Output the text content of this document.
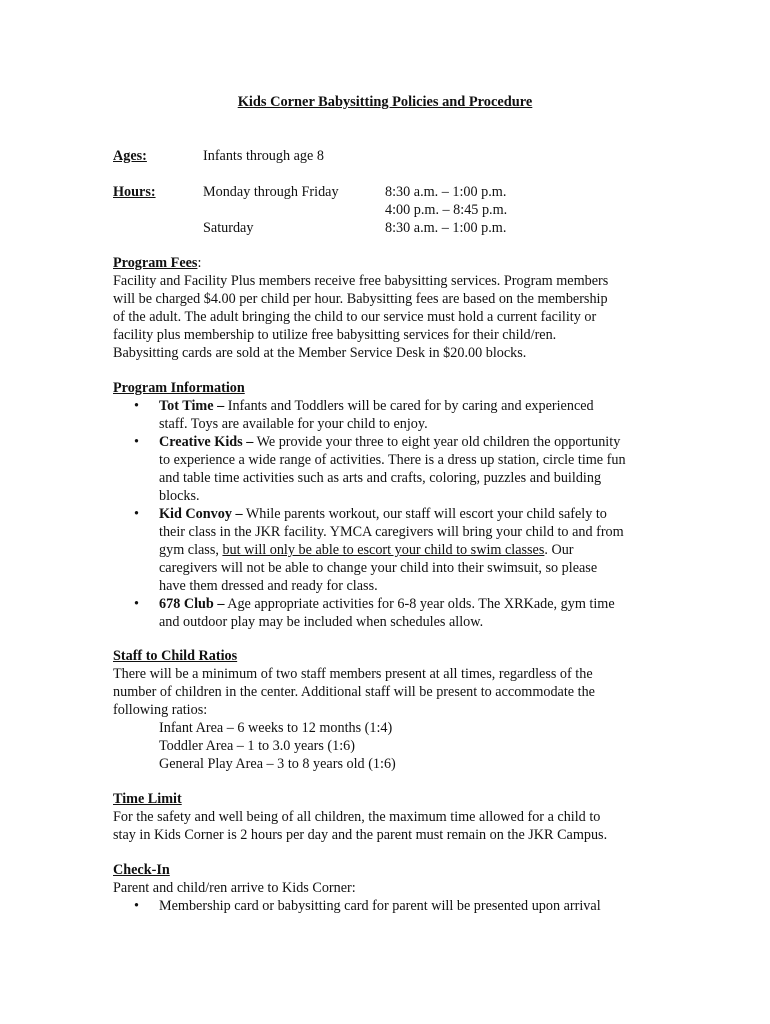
Kids Corner Babysitting Policies and Procedure
Ages:	Infants through age 8
Hours:	Monday through Friday	8:30 a.m. – 1:00 p.m.
4:00 p.m. – 8:45 p.m.
Saturday	8:30 a.m. – 1:00 p.m.

Program Fees:

Facility and Facility Plus members receive free babysitting services. Program members

will be charged $4.00 per child per hour. Babysitting fees are based on the membership

of the adult. The adult bringing the child to our service must hold a current facility or

facility plus membership to utilize free babysitting services for their child/ren.

Babysitting cards are sold at the Member Service Desk in $20.00 blocks.

Program Information

• Tot Time – Infants and Toddlers will be cared for by caring and experienced
staff. Toys are available for your child to enjoy.
• Creative Kids – We provide your three to eight year old children the opportunity
to experience a wide range of activities. There is a dress up station, circle time fun
and table time activities such as arts and crafts, coloring, puzzles and building
blocks.
• Kid Convoy – While parents workout, our staff will escort your child safely to
their class in the JKR facility. YMCA caregivers will bring your child to and from
gym class, but will only be able to escort your child to swim classes. Our
caregivers will not be able to change your child into their swimsuit, so please
have them dressed and ready for class.
• 678 Club – Age appropriate activities for 6-8 year olds. The XRKade, gym time
and outdoor play may be included when schedules allow.

Staff to Child Ratios

There will be a minimum of two staff members present at all times, regardless of the

number of children in the center. Additional staff will be present to accommodate the

following ratios:

Infant Area – 6 weeks to 12 months (1:4)

Toddler Area – 1 to 3.0 years (1:6)

General Play Area – 3 to 8 years old (1:6)

Time Limit

For the safety and well being of all children, the maximum time allowed for a child to

stay in Kids Corner is 2 hours per day and the parent must remain on the JKR Campus.

Check-In

Parent and child/ren arrive to Kids Corner:

• Membership card or babysitting card for parent will be presented upon arrival
